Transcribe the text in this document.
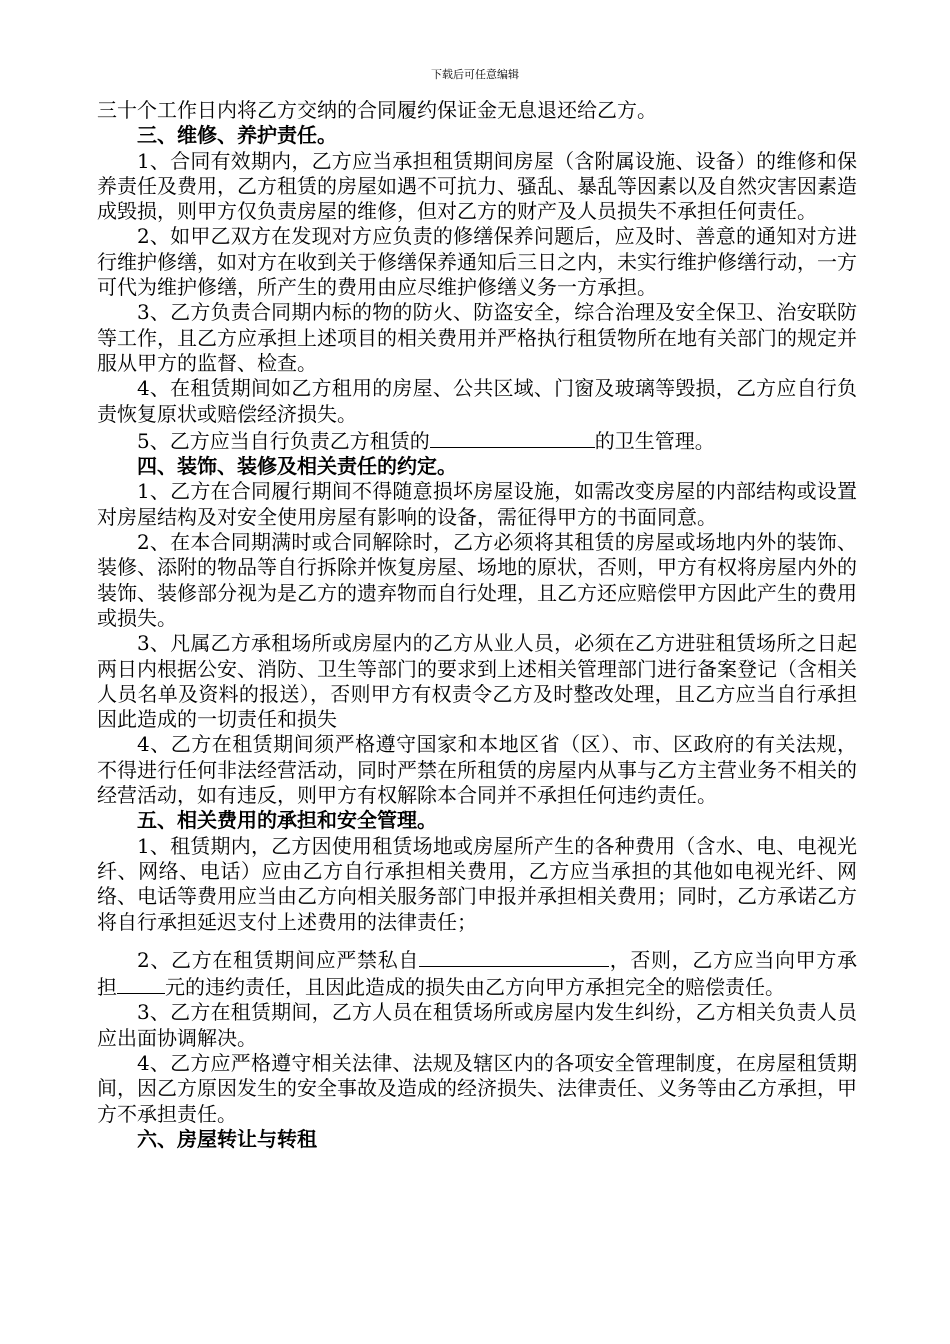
下载后可任意编辑

三十个工作日内将乙方交纳的合同履约保证金无息退还给乙方。

三、维修、养护责任。

1、合同有效期内，乙方应当承担租赁期间房屋（含附属设施、设备）的维修和保养责任及费用，乙方租赁的房屋如遇不可抗力、骚乱、暴乱等因素以及自然灾害因素造成毁损，则甲方仅负责房屋的维修，但对乙方的财产及人员损失不承担任何责任。

2、如甲乙双方在发现对方应负责的修缮保养问题后，应及时、善意的通知对方进行维护修缮，如对方在收到关于修缮保养通知后三日之内，未实行维护修缮行动，一方可代为维护修缮，所产生的费用由应尽维护修缮义务一方承担。

3、乙方负责合同期内标的物的防火、防盗安全，综合治理及安全保卫、治安联防等工作，且乙方应承担上述项目的相关费用并严格执行租赁物所在地有关部门的规定并服从甲方的监督、检查。

4、在租赁期间如乙方租用的房屋、公共区域、门窗及玻璃等毁损，乙方应自行负责恢复原状或赔偿经济损失。

5、乙方应当自行负责乙方租赁的	的卫生管理。

四、装饰、装修及相关责任的约定。

1、乙方在合同履行期间不得随意损坏房屋设施，如需改变房屋的内部结构或设置对房屋结构及对安全使用房屋有影响的设备，需征得甲方的书面同意。

2、在本合同期满时或合同解除时，乙方必须将其租赁的房屋或场地内外的装饰、装修、添附的物品等自行拆除并恢复房屋、场地的原状，否则，甲方有权将房屋内外的装饰、装修部分视为是乙方的遗弃物而自行处理，且乙方还应赔偿甲方因此产生的费用或损失。

3、凡属乙方承租场所或房屋内的乙方从业人员，必须在乙方进驻租赁场所之日起两日内根据公安、消防、卫生等部门的要求到上述相关管理部门进行备案登记（含相关人员名单及资料的报送），否则甲方有权责令乙方及时整改处理，且乙方应当自行承担因此造成的一切责任和损失

4、乙方在租赁期间须严格遵守国家和本地区省（区）、市、区政府的有关法规，不得进行任何非法经营活动，同时严禁在所租赁的房屋内从事与乙方主营业务不相关的经营活动，如有违反，则甲方有权解除本合同并不承担任何违约责任。

五、相关费用的承担和安全管理。

1、租赁期内，乙方因使用租赁场地或房屋所产生的各种费用（含水、电、电视光纤、网络、电话）应由乙方自行承担相关费用，乙方应当承担的其他如电视光纤、网络、电话等费用应当由乙方向相关服务部门申报并承担相关费用；同时，乙方承诺乙方将自行承担延迟支付上述费用的法律责任；

2、乙方在租赁期间应严禁私自	，否则，乙方应当向甲方承担 元的违约责任，且因此造成的损失由乙方向甲方承担完全的赔偿责任。

3、乙方在租赁期间，乙方人员在租赁场所或房屋内发生纠纷，乙方相关负责人员应出面协调解决。

4、乙方应严格遵守相关法律、法规及辖区内的各项安全管理制度，在房屋租赁期间，因乙方原因发生的安全事故及造成的经济损失、法律责任、义务等由乙方承担，甲方不承担责任。

六、房屋转让与转租
